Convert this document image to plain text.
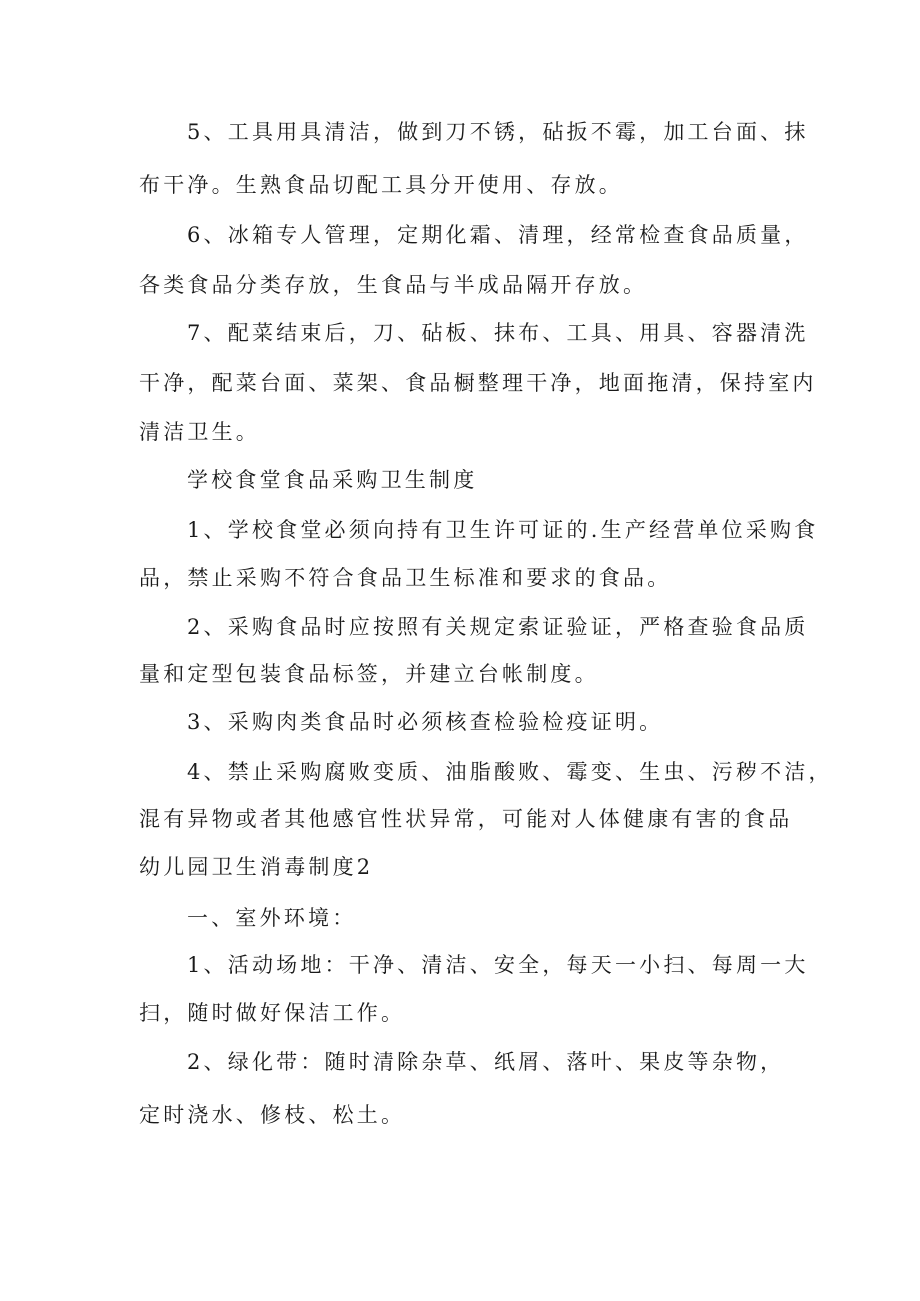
5、工具用具清洁，做到刀不锈，砧扳不霉，加工台面、抹
布干净。生熟食品切配工具分开使用、存放。
6、冰箱专人管理，定期化霜、清理，经常检查食品质量，
各类食品分类存放，生食品与半成品隔开存放。
7、配菜结束后，刀、砧板、抹布、工具、用具、容器清洗
干净，配菜台面、菜架、食品橱整理干净，地面拖清，保持室内
清洁卫生。
学校食堂食品采购卫生制度
1、学校食堂必须向持有卫生许可证的.生产经营单位采购食
品，禁止采购不符合食品卫生标准和要求的食品。
2、采购食品时应按照有关规定索证验证，严格查验食品质
量和定型包装食品标签，并建立台帐制度。
3、采购肉类食品时必须核查检验检疫证明。
4、禁止采购腐败变质、油脂酸败、霉变、生虫、污秽不洁，
混有异物或者其他感官性状异常，可能对人体健康有害的食品
幼儿园卫生消毒制度2
一、室外环境：
1、活动场地：干净、清洁、安全，每天一小扫、每周一大
扫，随时做好保洁工作。
2、绿化带：随时清除杂草、纸屑、落叶、果皮等杂物，
定时浇水、修枝、松土。
